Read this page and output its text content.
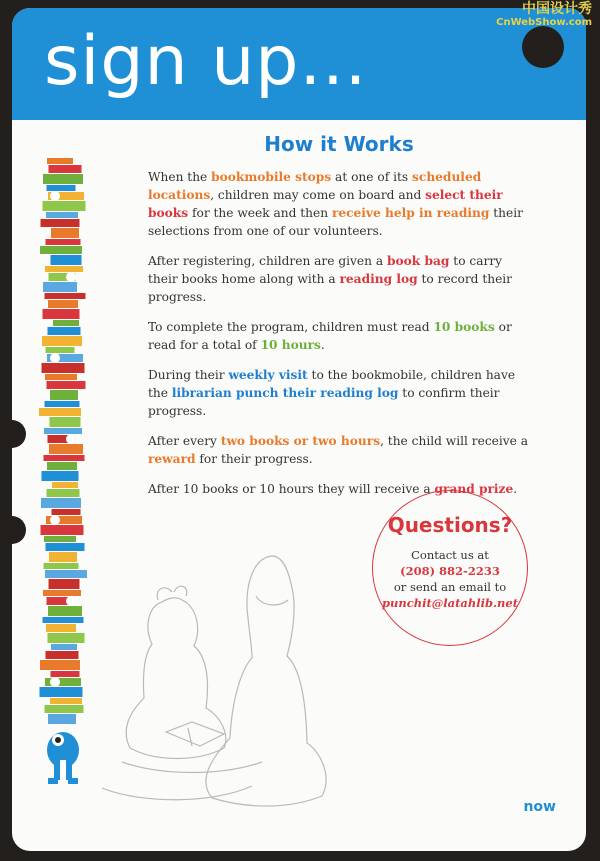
sign up...
How it Works

When the bookmobile stops at one of its scheduled locations, children may come on board and select their books for the week and then receive help in reading their selections from one of our volunteers.

After registering, children are given a book bag to carry their books home along with a reading log to record their progress.

To complete the program, children must read 10 books or read for a total of 10 hours.

During their weekly visit to the bookmobile, children have the librarian punch their reading log to confirm their progress.

After every two books or two hours, the child will receive a reward for their progress.

After 10 books or 10 hours they will receive a grand prize.

Questions?
Contact us at
(208) 882-2233
or send an email to
punchit@latahlib.net
now
中国设计秀
CnWebShow.com
